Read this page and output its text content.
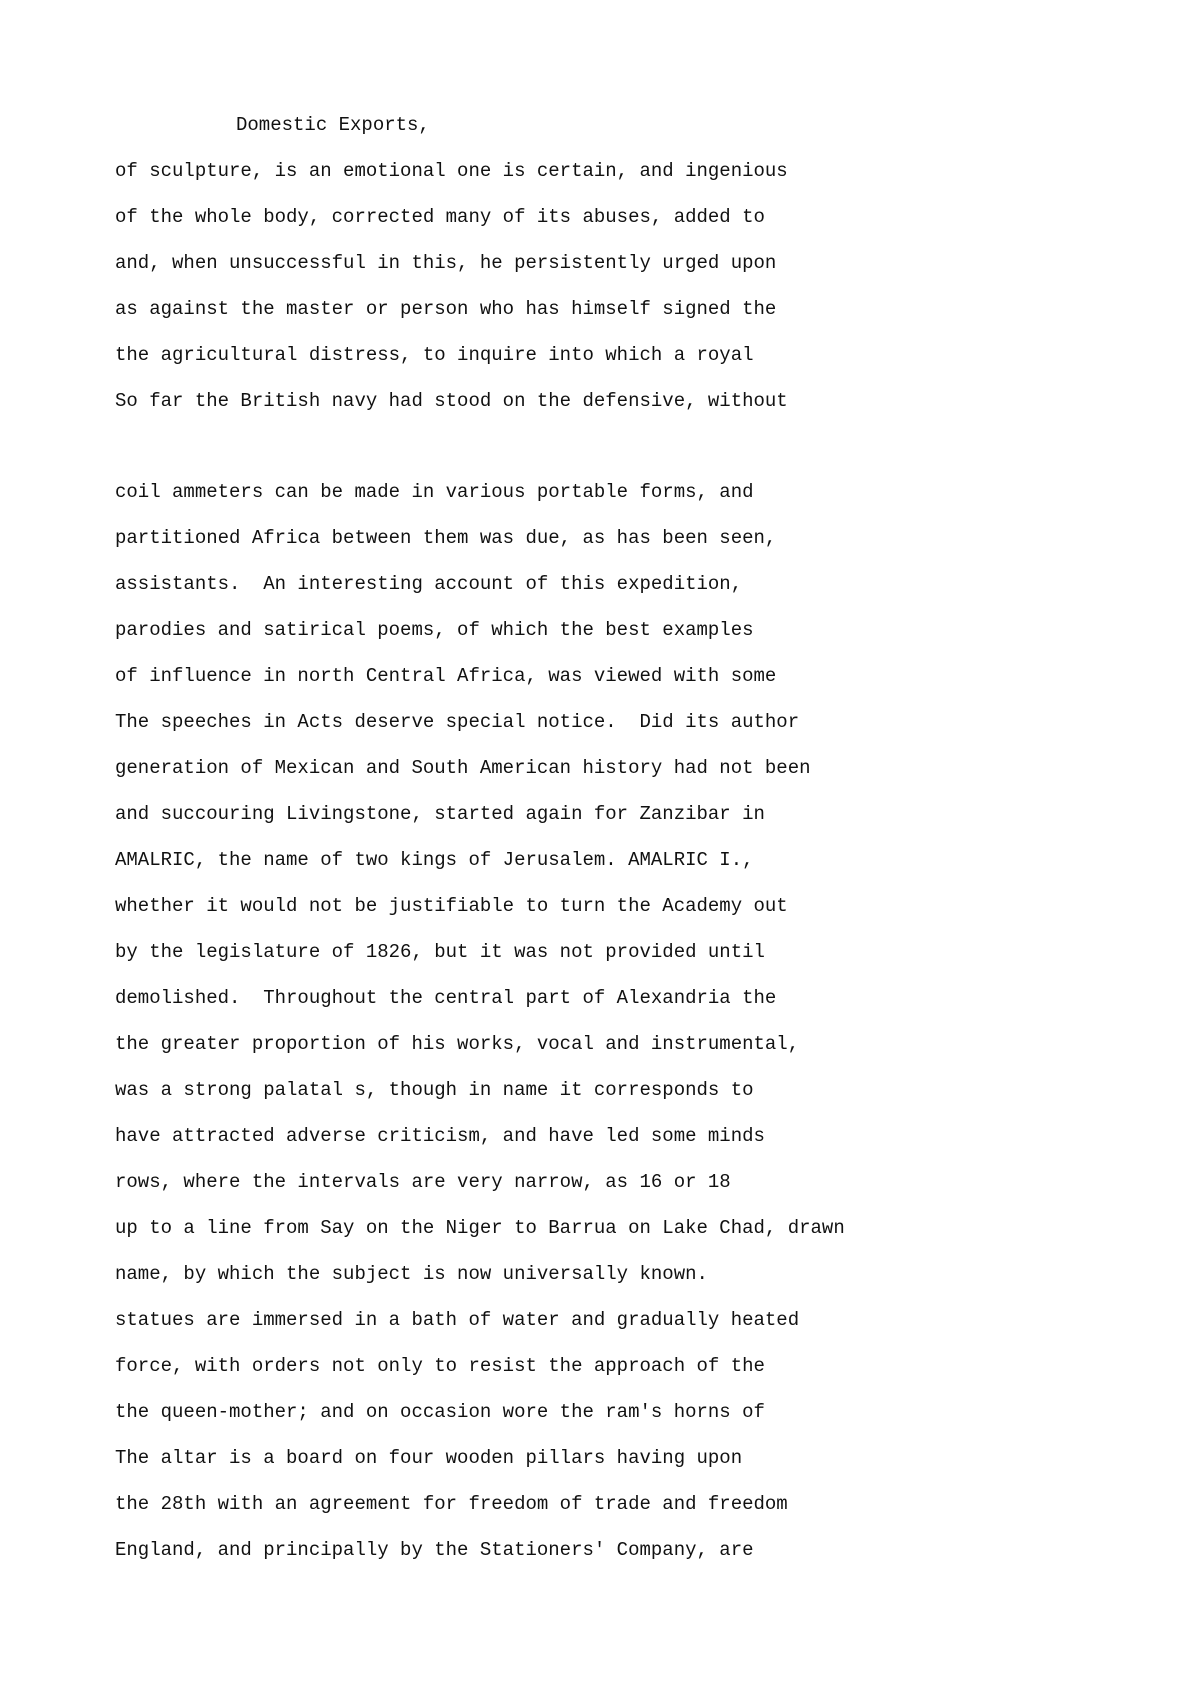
Domestic Exports,
of sculpture, is an emotional one is certain, and ingenious
of the whole body, corrected many of its abuses, added to
and, when unsuccessful in this, he persistently urged upon
as against the master or person who has himself signed the
the agricultural distress, to inquire into which a royal
So far the British navy had stood on the defensive, without
coil ammeters can be made in various portable forms, and
partitioned Africa between them was due, as has been seen,
assistants.  An interesting account of this expedition,
parodies and satirical poems, of which the best examples
of influence in north Central Africa, was viewed with some
The speeches in Acts deserve special notice.  Did its author
generation of Mexican and South American history had not been
and succouring Livingstone, started again for Zanzibar in
AMALRIC, the name of two kings of Jerusalem. AMALRIC I.,
whether it would not be justifiable to turn the Academy out
by the legislature of 1826, but it was not provided until
demolished.  Throughout the central part of Alexandria the
the greater proportion of his works, vocal and instrumental,
was a strong palatal s, though in name it corresponds to
have attracted adverse criticism, and have led some minds
rows, where the intervals are very narrow, as 16 or 18
up to a line from Say on the Niger to Barrua on Lake Chad, drawn
name, by which the subject is now universally known.
statues are immersed in a bath of water and gradually heated
force, with orders not only to resist the approach of the
the queen-mother; and on occasion wore the ram's horns of
The altar is a board on four wooden pillars having upon
the 28th with an agreement for freedom of trade and freedom
England, and principally by the Stationers' Company, are
